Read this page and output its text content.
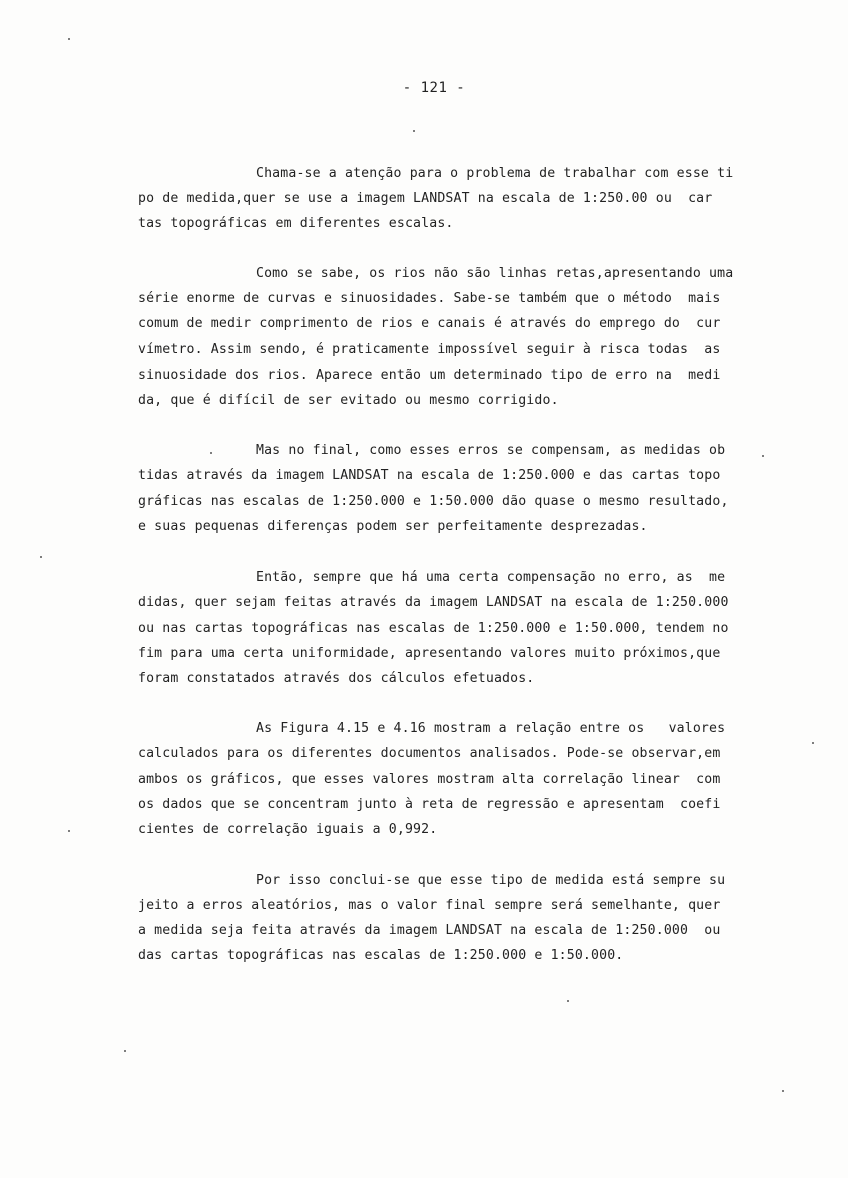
- 121 -
Chama-se a atenção para o problema de trabalhar com esse ti
po de medida,quer se use a imagem LANDSAT na escala de 1:250.00 ou  car
tas topográficas em diferentes escalas.
Como se sabe, os rios não são linhas retas,apresentando uma
série enorme de curvas e sinuosidades. Sabe-se também que o método  mais
comum de medir comprimento de rios e canais é através do emprego do  cur
vímetro. Assim sendo, é praticamente impossível seguir à risca todas  as
sinuosidade dos rios. Aparece então um determinado tipo de erro na  medi
da, que é difícil de ser evitado ou mesmo corrigido.
Mas no final, como esses erros se compensam, as medidas ob
tidas através da imagem LANDSAT na escala de 1:250.000 e das cartas topo
gráficas nas escalas de 1:250.000 e 1:50.000 dão quase o mesmo resultado,
e suas pequenas diferenças podem ser perfeitamente desprezadas.
Então, sempre que há uma certa compensação no erro, as  me
didas, quer sejam feitas através da imagem LANDSAT na escala de 1:250.000
ou nas cartas topográficas nas escalas de 1:250.000 e 1:50.000, tendem no
fim para uma certa uniformidade, apresentando valores muito próximos,que
foram constatados através dos cálculos efetuados.
As Figura 4.15 e 4.16 mostram a relação entre os   valores
calculados para os diferentes documentos analisados. Pode-se observar,em
ambos os gráficos, que esses valores mostram alta correlação linear  com
os dados que se concentram junto à reta de regressão e apresentam  coefi
cientes de correlação iguais a 0,992.
Por isso conclui-se que esse tipo de medida está sempre su
jeito a erros aleatórios, mas o valor final sempre será semelhante, quer
a medida seja feita através da imagem LANDSAT na escala de 1:250.000  ou
das cartas topográficas nas escalas de 1:250.000 e 1:50.000.
